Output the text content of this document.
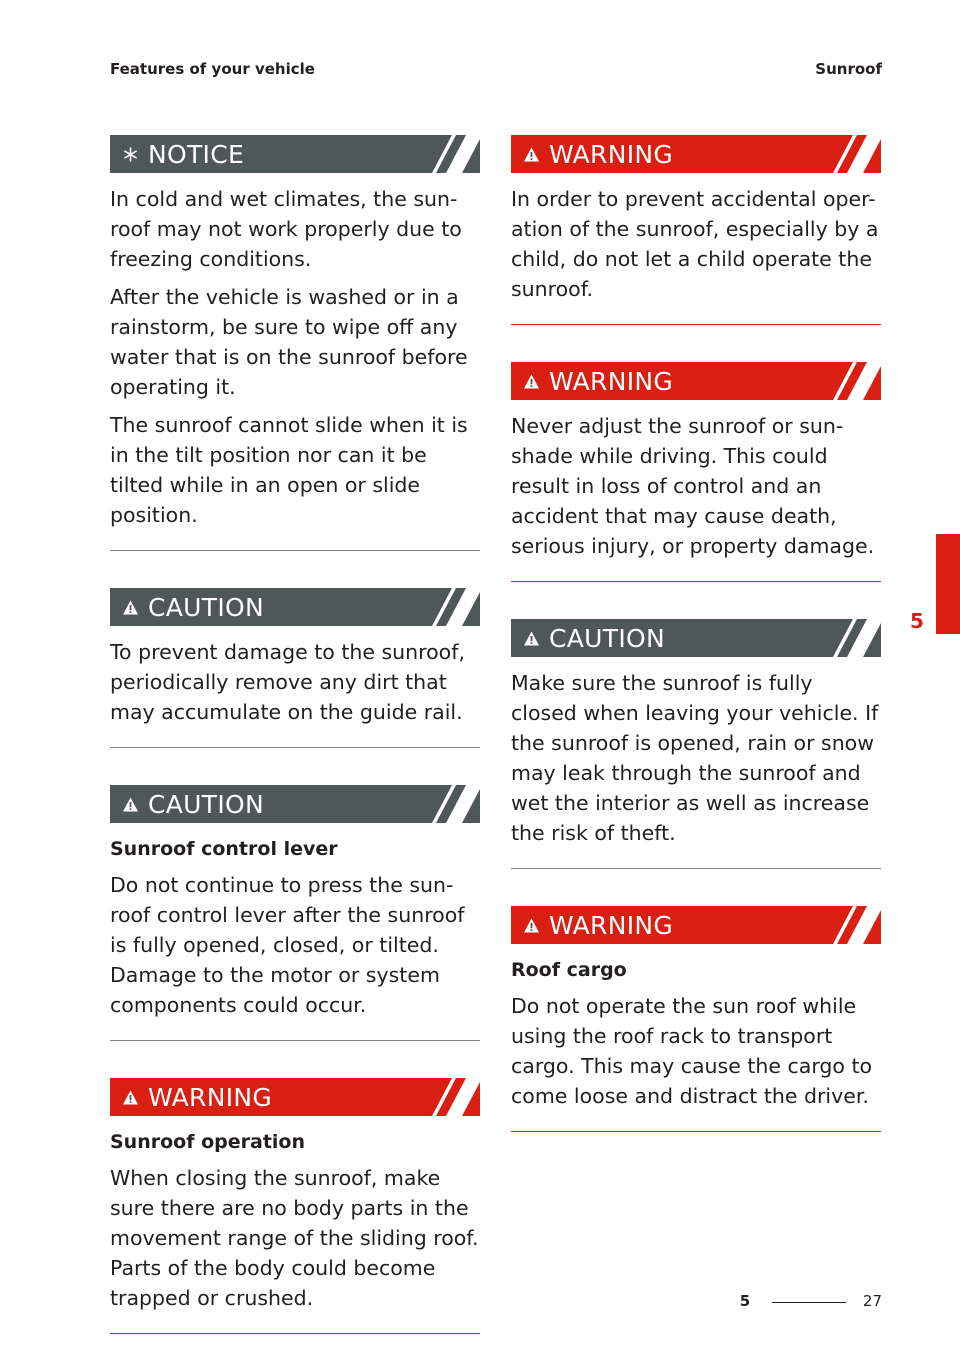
Features of your vehicle	Sunroof
NOTICE
In cold and wet climates, the sun-roof may not work properly due to freezing conditions.
After the vehicle is washed or in a rainstorm, be sure to wipe off any water that is on the sunroof before operating it.
The sunroof cannot slide when it is in the tilt position nor can it be tilted while in an open or slide position.
CAUTION
To prevent damage to the sunroof, periodically remove any dirt that may accumulate on the guide rail.
CAUTION
Sunroof control lever
Do not continue to press the sun-roof control lever after the sunroof is fully opened, closed, or tilted. Damage to the motor or system components could occur.
WARNING
Sunroof operation
When closing the sunroof, make sure there are no body parts in the movement range of the sliding roof. Parts of the body could become trapped or crushed.
WARNING
In order to prevent accidental oper-ation of the sunroof, especially by a child, do not let a child operate the sunroof.
WARNING
Never adjust the sunroof or sun-shade while driving. This could result in loss of control and an accident that may cause death, serious injury, or property damage.
CAUTION
Make sure the sunroof is fully closed when leaving your vehicle. If the sunroof is opened, rain or snow may leak through the sunroof and wet the interior as well as increase the risk of theft.
WARNING
Roof cargo
Do not operate the sun roof while using the roof rack to transport cargo. This may cause the cargo to come loose and distract the driver.
5
5	27
